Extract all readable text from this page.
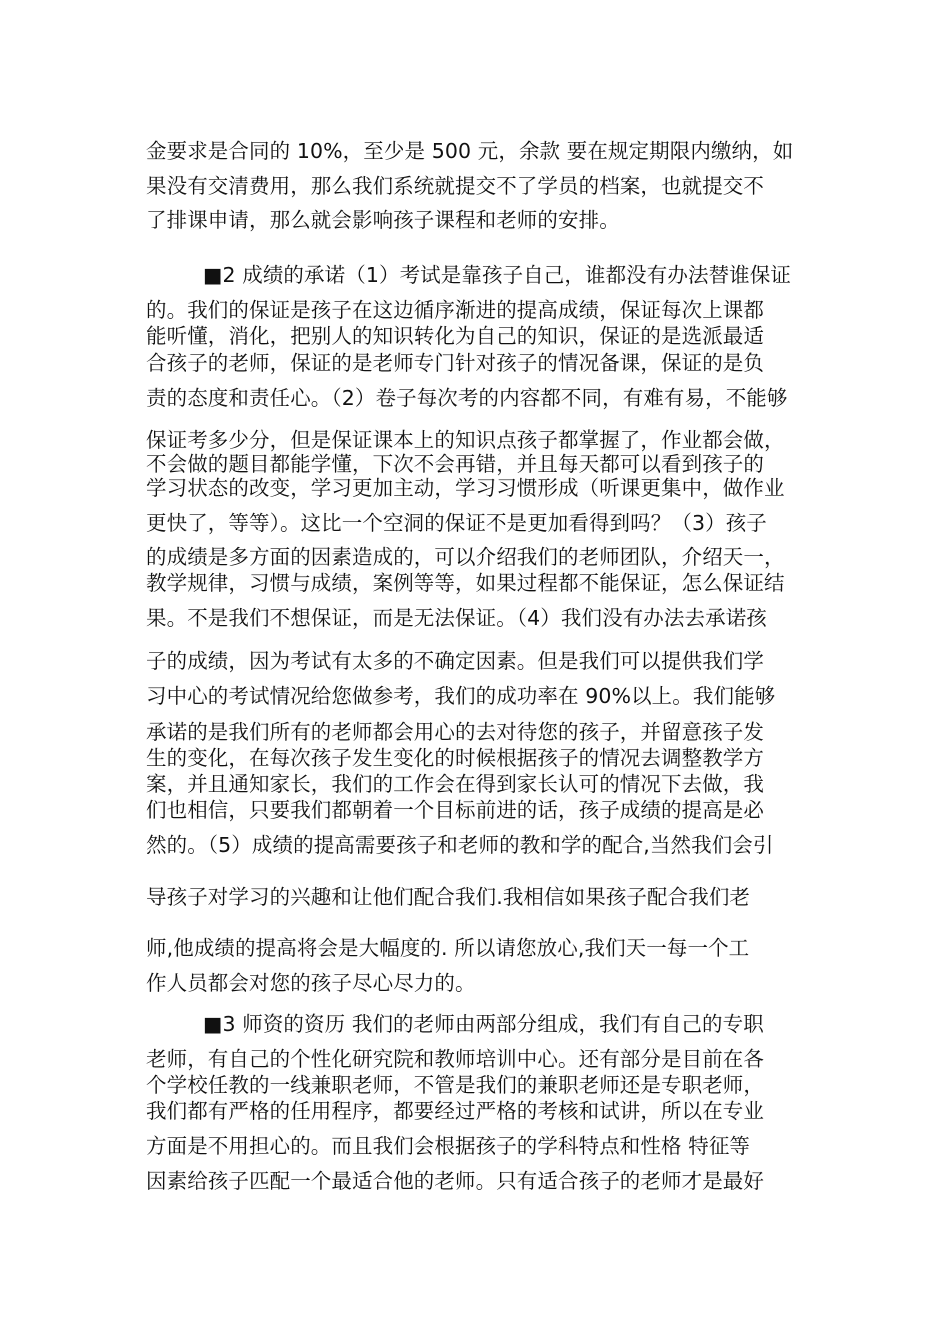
金要求是合同的 10%，至少是 500 元，余款 要在规定期限内缴纳，如
果没有交清费用，那么我们系统就提交不了学员的档案，也就提交不
了排课申请，那么就会影响孩子课程和老师的安排。
■2 成绩的承诺（1）考试是靠孩子自己，谁都没有办法替谁保证
的。我们的保证是孩子在这边循序渐进的提高成绩，保证每次上课都
能听懂，消化，把别人的知识转化为自己的知识，保证的是选派最适
合孩子的老师，保证的是老师专门针对孩子的情况备课，保证的是负
责的态度和责任心。（2）卷子每次考的内容都不同，有难有易，不能够
保证考多少分，但是保证课本上的知识点孩子都掌握了，作业都会做，
不会做的题目都能学懂，下次不会再错，并且每天都可以看到孩子的
学习状态的改变，学习更加主动，学习习惯形成（听课更集中，做作业
更快了，等等）。这比一个空洞的保证不是更加看得到吗？（3）孩子
的成绩是多方面的因素造成的，可以介绍我们的老师团队，介绍天一，
教学规律，习惯与成绩，案例等等，如果过程都不能保证，怎么保证结
果。不是我们不想保证，而是无法保证。（4）我们没有办法去承诺孩
子的成绩，因为考试有太多的不确定因素。但是我们可以提供我们学
习中心的考试情况给您做参考，我们的成功率在 90%以上。我们能够
承诺的是我们所有的老师都会用心的去对待您的孩子，并留意孩子发
生的变化，在每次孩子发生变化的时候根据孩子的情况去调整教学方
案，并且通知家长，我们的工作会在得到家长认可的情况下去做，我
们也相信，只要我们都朝着一个目标前进的话，孩子成绩的提高是必
然的。（5）成绩的提高需要孩子和老师的教和学的配合,当然我们会引
导孩子对学习的兴趣和让他们配合我们.我相信如果孩子配合我们老
师,他成绩的提高将会是大幅度的. 所以请您放心,我们天一每一个工
作人员都会对您的孩子尽心尽力的。
■3 师资的资历 我们的老师由两部分组成，我们有自己的专职
老师，有自己的个性化研究院和教师培训中心。还有部分是目前在各
个学校任教的一线兼职老师，不管是我们的兼职老师还是专职老师，
我们都有严格的任用程序，都要经过严格的考核和试讲，所以在专业
方面是不用担心的。而且我们会根据孩子的学科特点和性格 特征等
因素给孩子匹配一个最适合他的老师。只有适合孩子的老师才是最好
